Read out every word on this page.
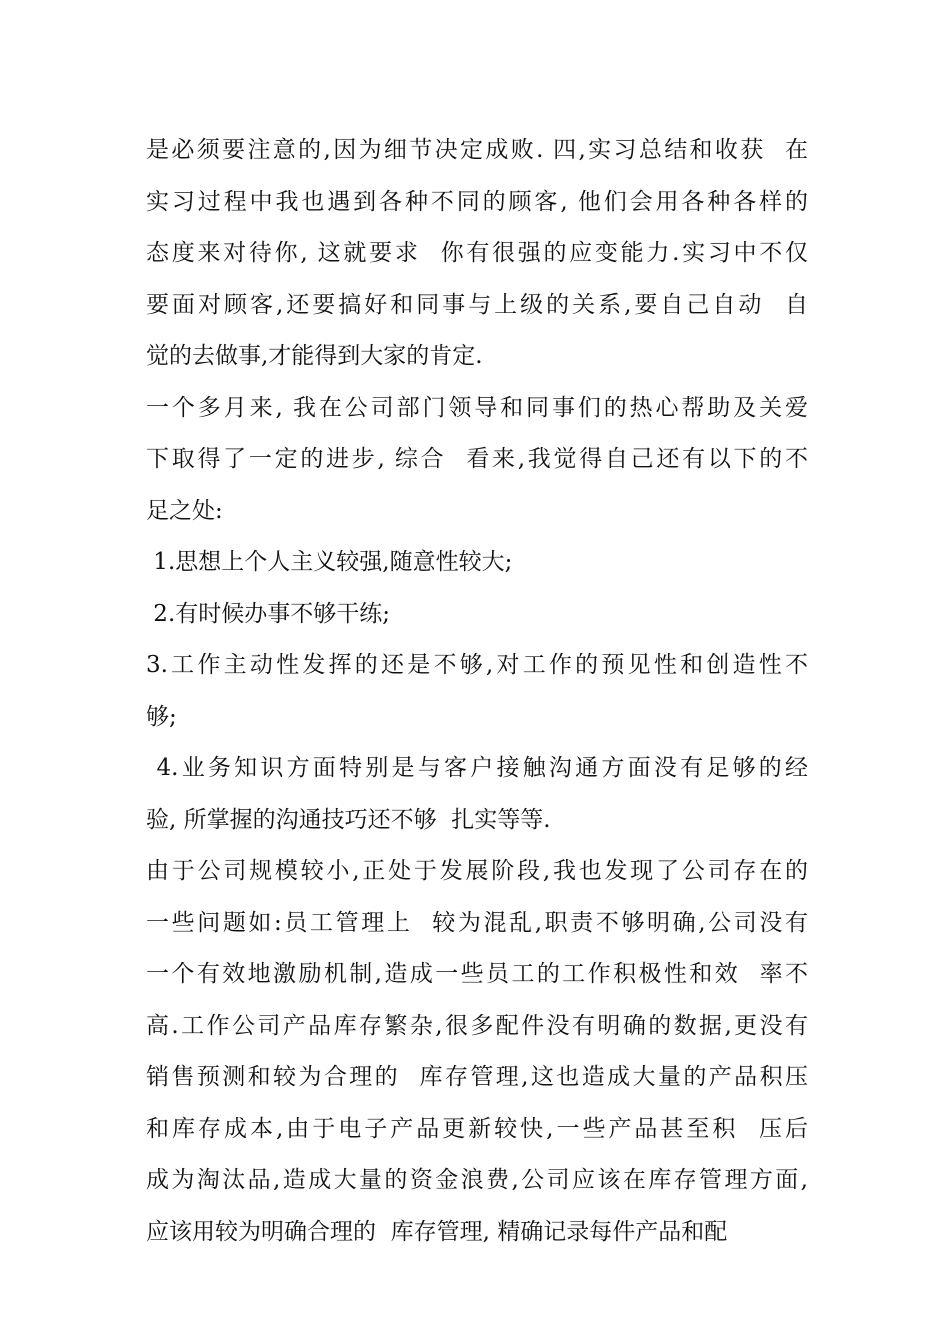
是必须要注意的,因为细节决定成败. 四,实习总结和收获  在
实习过程中我也遇到各种不同的顾客, 他们会用各种各样的
态度来对待你, 这就要求  你有很强的应变能力.实习中不仅
要面对顾客,还要搞好和同事与上级的关系,要自己自动  自
觉的去做事,才能得到大家的肯定.
一个多月来, 我在公司部门领导和同事们的热心帮助及关爱
下取得了一定的进步, 综合  看来,我觉得自己还有以下的不
足之处:
1.思想上个人主义较强,随意性较大;
2.有时候办事不够干练;
3.工作主动性发挥的还是不够,对工作的预见性和创造性不
够;
4.业务知识方面特别是与客户接触沟通方面没有足够的经
验, 所掌握的沟通技巧还不够  扎实等等.
由于公司规模较小,正处于发展阶段,我也发现了公司存在的
一些问题如:员工管理上  较为混乱,职责不够明确,公司没有
一个有效地激励机制,造成一些员工的工作积极性和效  率不
高.工作公司产品库存繁杂,很多配件没有明确的数据,更没有
销售预测和较为合理的  库存管理,这也造成大量的产品积压
和库存成本,由于电子产品更新较快,一些产品甚至积  压后
成为淘汰品,造成大量的资金浪费,公司应该在库存管理方面,
应该用较为明确合理的  库存管理, 精确记录每件产品和配
